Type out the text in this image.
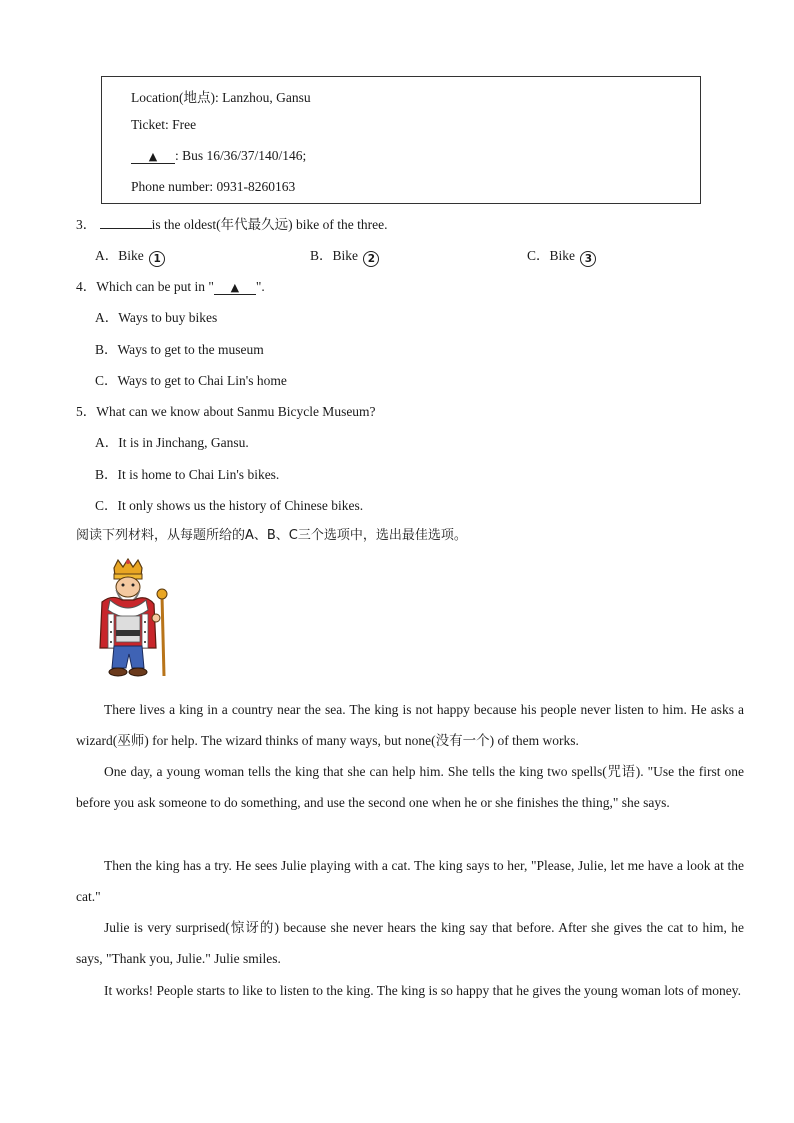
Location(地点): Lanzhou, Gansu
Ticket: Free
▲ : Bus 16/36/37/140/146;
Phone number: 0931-8260163
3．	is the oldest(年代最久远) bike of the three.
A．Bike 1	B．Bike 2	C．Bike 3
4．Which can be put in " ▲ ".
A．Ways to buy bikes
B．Ways to get to the museum
C．Ways to get to Chai Lin's home
5．What can we know about Sanmu Bicycle Museum?
A．It is in Jinchang, Gansu.
B．It is home to Chai Lin's bikes.
C．It only shows us the history of Chinese bikes.
阅读下列材料，从每题所给的A、B、C三个选项中，选出最佳选项。
There lives a king in a country near the sea. The king is not happy because his people never listen to him. He asks a wizard(巫师) for help. The wizard thinks of many ways, but none(没有一个) of them works.
One day, a young woman tells the king that she can help him. She tells the king two spells(咒语). "Use the first one before you ask someone to do something, and use the second one when he or she finishes the thing," she says.
Then the king has a try. He sees Julie playing with a cat. The king says to her, "Please, Julie, let me have a look at the cat."
Julie is very surprised(惊讶的) because she never hears the king say that before. After she gives the cat to him, he says, "Thank you, Julie." Julie smiles.
It works! People starts to like to listen to the king. The king is so happy that he gives the young woman lots of money.
